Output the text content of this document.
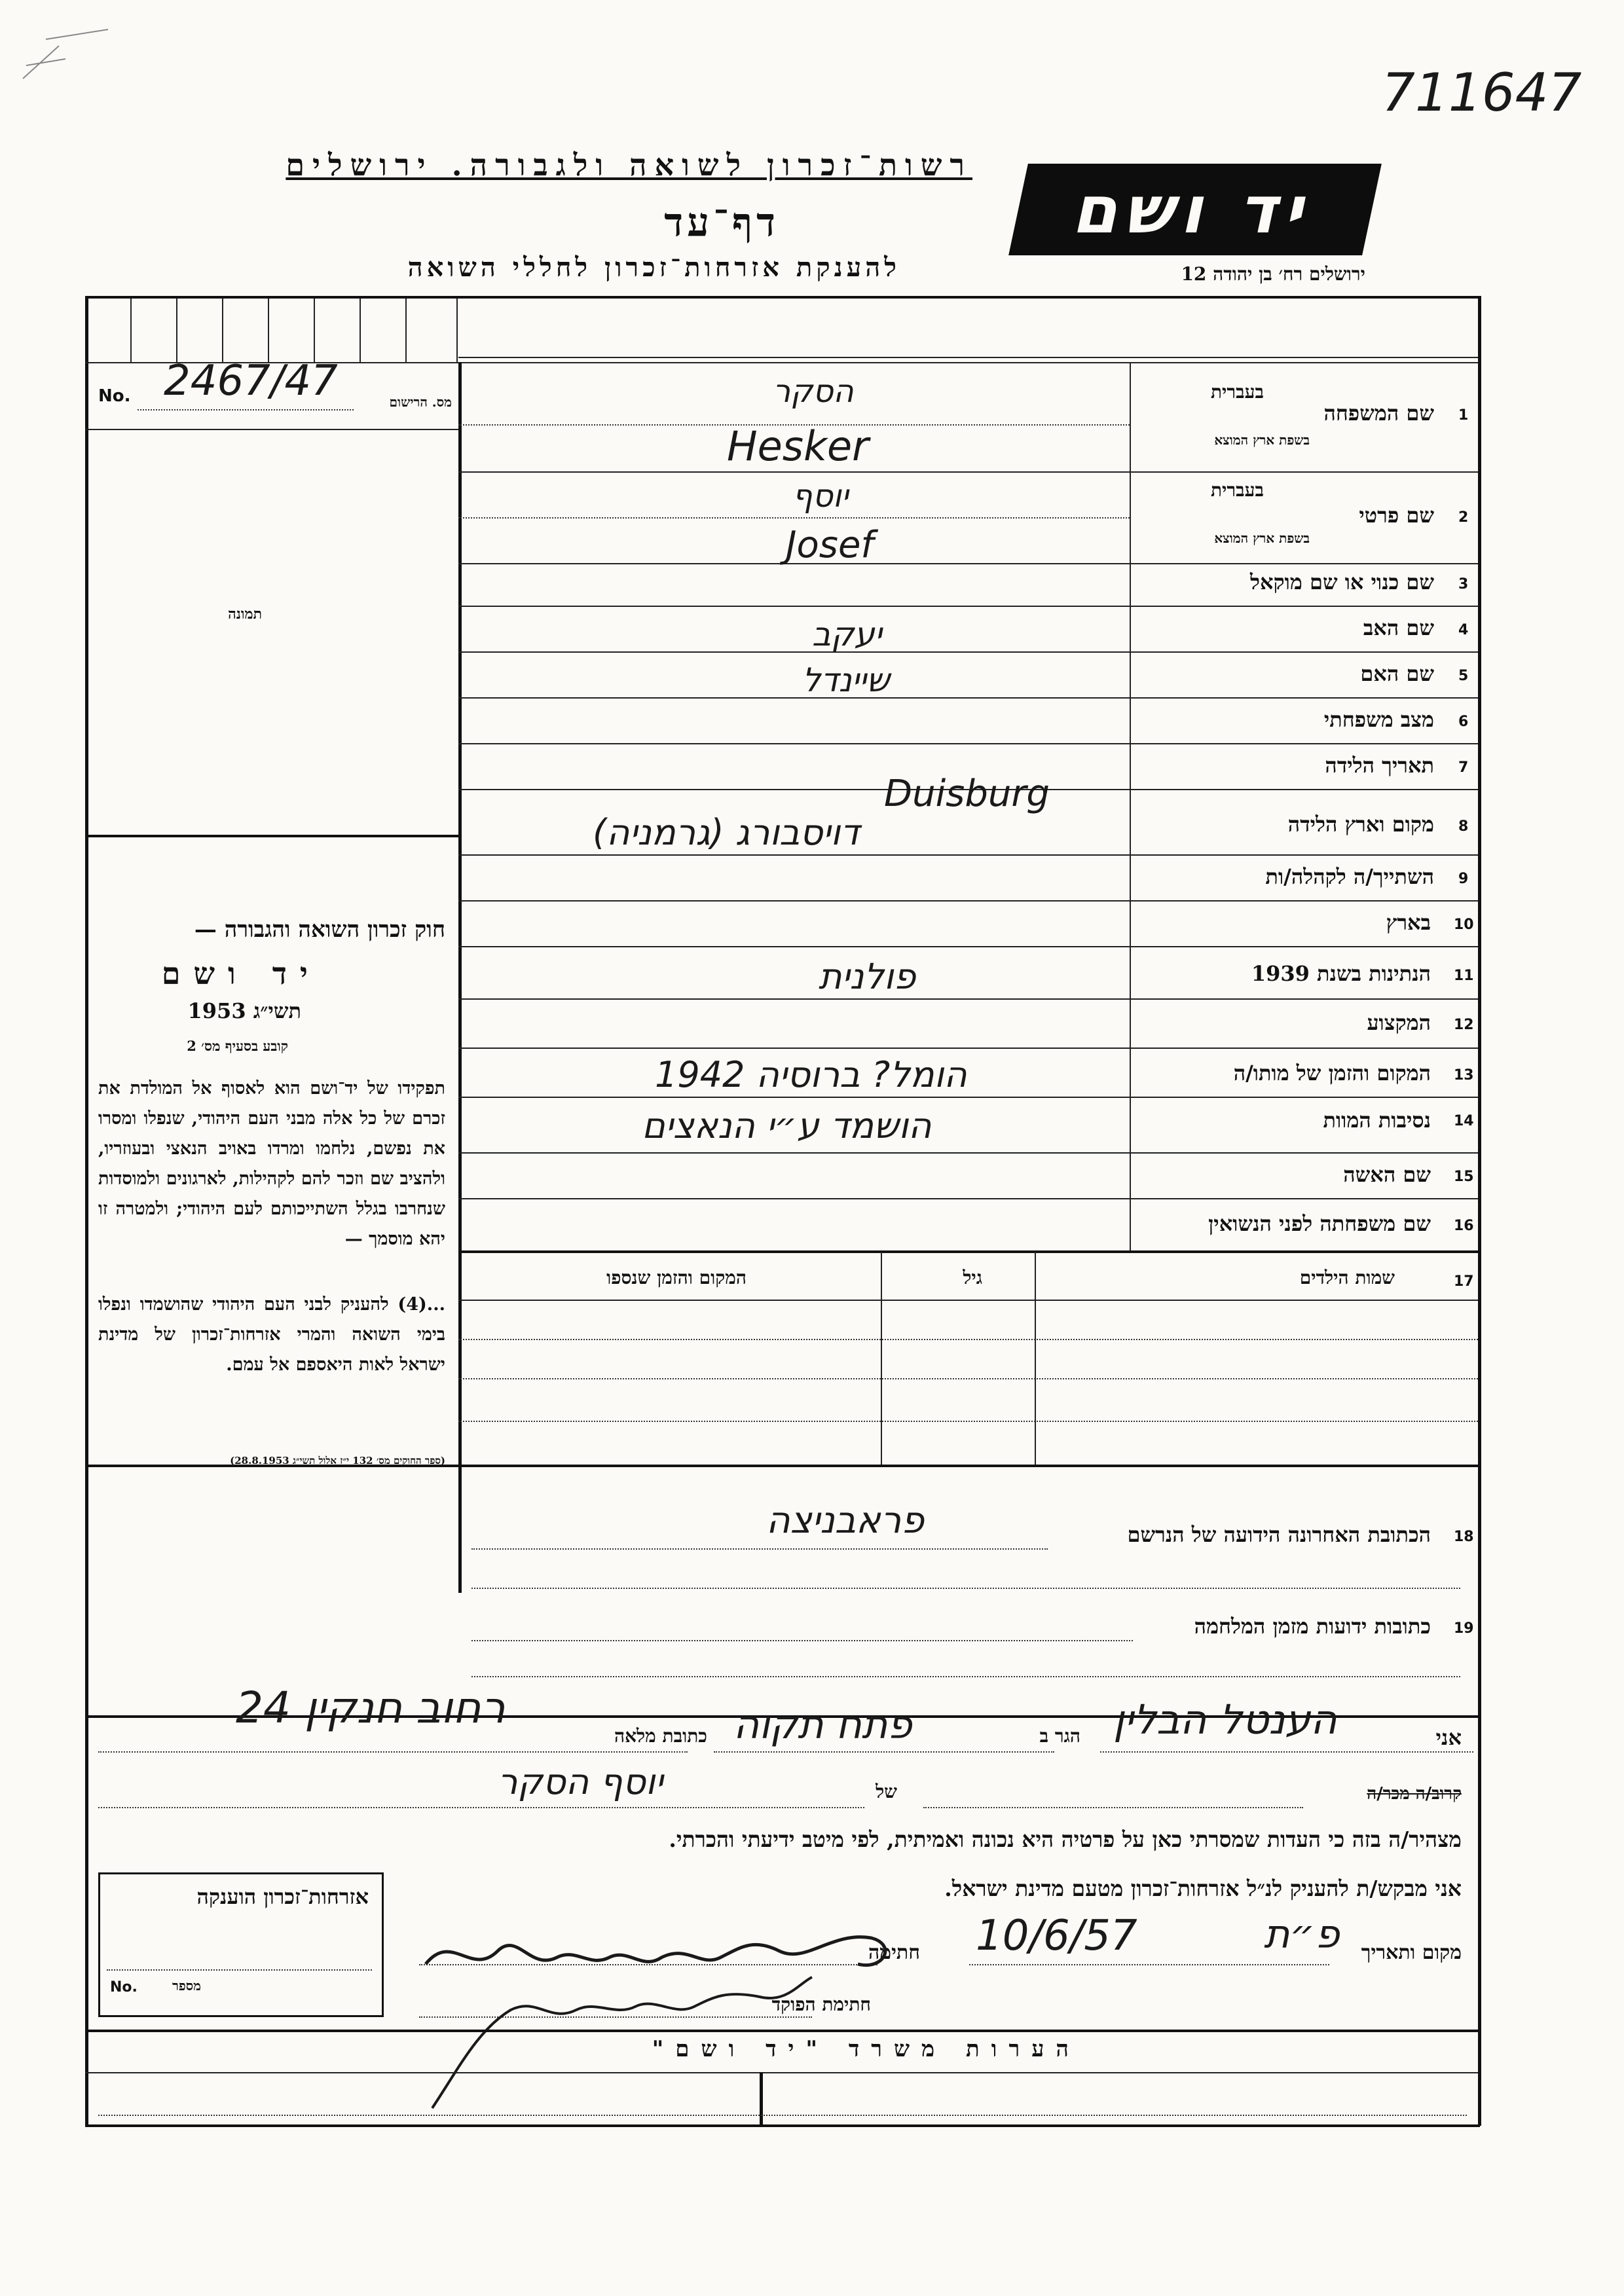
711647
רשות־זכרון לשואה ולגבורה. ירושלים
דף־עד
להענקת אזרחות־זכרון לחללי השואה
יד ושם
ירושלים רח׳ בן יהודה 12
No. 2467/47	מס. הרישום
תמונה
חוק זכרון השואה והגבורה —
יד ושם
תשי״ג 1953
קובע בסעיף מס׳ 2
תפקידו של יד־ושם הוא לאסוף אל המולדת את זכרם של כל אלה מבני העם היהודי, שנפלו ומסרו את נפשם, נלחמו ומרדו באויב הנאצי ובעוזריו, ולהציב שם וזכר להם לקהילות, לארגונים ולמוסדות שנחרבו בגלל השתייכותם לעם היהודי; ולמטרה זו יהא מוסמך —
...(4) להעניק לבני העם היהודי שהושמדו ונפלו בימי השואה והמרי אזרחות־זכרון של מדינת ישראל לאות היאספם אל עמם.
(ספר החוקים מס׳ 132 י״ז אלול תשי״ג 28.8.1953)
1
שם המשפחה
בעברית
בשפת ארץ המוצא
הסקר
Hesker
2
שם פרטי
בעברית
בשפת ארץ המוצא
יוסף
Josef
3
שם כנוי או שם מוקאל
4
שם האב
יעקב
5
שם האם
שיינדל
6
מצב משפחתי
7
תאריך הלידה
8
מקום וארץ הלידה
Duisburg
דויסבורג (גרמניה)
9
השתייך/ה לקהלה/ות
10
בארץ
11
הנתינות בשנת 1939
פולנית
12
המקצוע
13
המקום והזמן של מותו/ה
הומל? ברוסיה 1942
14
נסיבות המוות
הושמד ע״י הנאצים
15
שם האשה
16
שם משפחתה לפני הנשואין
17
שמות הילדים
גיל
המקום והזמן שנספו
18
הכתובת האחרונה הידועה של הנרשם
פראבניצה
19
כתובות ידועות מזמן המלחמה
אני
הענטל הבלין
הגר ב
פתח תקוה
כתובת מלאה
רחוב חנקין 24
קרוב/ה מכר/ה
של
יוסף הסקר
מצהיר/ה בזה כי העדות שמסרתי כאן על פרטיה היא נכונה ואמיתית, לפי מיטב ידיעתי והכרתי.
אני מבקש/ת להעניק לנ״ל אזרחות־זכרון מטעם מדינת ישראל.
אזרחות־זכרון הוענקה
No.	מספר
מקום ותאריך
פ״ת
10/6/57
חתימה
חתימת הפוקד
הערות משרד "יד ושם"
